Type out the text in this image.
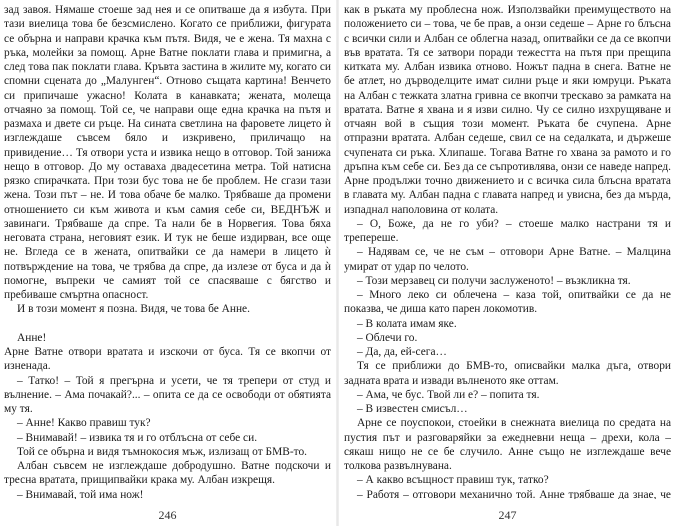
зад завоя. Нямаше стоеше зад нея и се опитваше да я избута. При тази виелица това бе безсмислено. Когато се приближи, фигурата се обърна и направи крачка към пътя. Видя, че е жена. Тя махна с ръка, молейки за помощ. Арне Ватне поклати глава и примигна, а след това пак поклати глава. Кръвта застина в жилите му, когато си спомни сцената до „Малунген“. Отново същата картина! Венчето си припичаше ужасно! Колата в канавката; жената, молеща отчаяно за помощ. Той се, че направи още една крачка на пътя и размаха и двете си ръце. На сината светлина на фаровете лицето ѝ изглеждаше съвсем бяло и изкривено, приличащо на привидение… Тя отвори уста и извика нещо в отговор. Той занижа нещо в отговор. До му оставаха двадесетина метра. Той натисна рязко спирачката. При този бус това не бе проблем. Не сгази тази жена. Този път – не. И това обаче бе малко. Трябваше да промени отношението си към живота и към самия себе си, ВЕДНЪЖ и завинаги. Трябваше да спре. Та нали бе в Норвегия. Това бяха неговата страна, неговият език. И тук не беше издирван, все още не. Вгледа се в жената, опитвайки се да намери в лицето ѝ потвърждение на това, че трябва да спре, да излезе от буса и да ѝ помогне, въпреки че самият той се спасяваше с бягство и пребиваше смъртна опасност.

И в този момент я позна. Видя, че това бе Анне.

Анне!

Арне Ватне отвори вратата и изскочи от буса. Тя се вкопчи от изненада.

– Татко! – Той я прегърна и усети, че тя трепери от студ и вълнение. – Ама почакай?... – опита се да се освободи от обятията му тя.

– Анне! Какво правиш тук?

– Внимавай! – извика тя и го отблъсна от себе си.

Той се обърна и видя тъмнокосия мъж, излизащ от БМВ-то.

Албан съвсем не изглеждаше добродушно. Ватне подскочи и тресна вратата, прищипвайки крака му. Албан изкрещя.

– Внимавай, той има нож!

246

как в ръката му проблесна нож. Използвайки преимуществото на положението си – това, че бе прав, а онзи седеше – Арне го блъсна с всички сили и Албан се облегна назад, опитвайки се да се вкопчи във вратата. Тя се затвори поради тежестта на пътя при прещипа китката му. Албан извика отново. Ножът падна в снега. Ватне не бе атлет, но дърводелците имат силни ръце и яки юмруци. Ръката на Албан с тежката златна гривна се вкопчи трескаво за рамката на вратата. Ватне я хвана и я изви силно. Чу се силно изхрущяване и отчаян вой в същия този момент. Ръката бе счупена. Арне отпразни вратата. Албан седеше, свил се на седалката, и държеше счупената си ръка. Хлипаше. Тогава Ватне го хвана за рамото и го дръпна към себе си. Без да се съпротивлява, онзи се наведе напред. Арне продължи точно движението и с всичка сила блъсна вратата в главата му. Албан падна с главата напред и увисна, без да мърда, изпаднал наполовина от колата.

– О, Боже, да не го уби? – стоеше малко настрани тя и трепереше.

– Надявам се, че не съм – отговори Арне Ватне. – Малцина умират от удар по челото.

– Този мерзавец си получи заслуженото! – възкликна тя.

– Много леко си облечена – каза той, опитвайки се да не показва, че диша като парен локомотив.

– В колата имам яке.

– Облечи го.

– Да, да, ей-сега…

Тя се приближи до БМВ-то, описвайки малка дъга, отвори задната врата и извади вълненото яке оттам.

– Ама, че бус. Твой ли е? – попита тя.

– В известен смисъл…

Арне се поуспокои, стоейки в снежната виелица по средата на пустия път и разговаряйки за ежедневни неща – дрехи, кола – сякаш нищо не се бе случило. Анне също не изглеждаше вече толкова развълнувана.

– А какво всъщност правиш тук, татко?

– Работя – отговори механично той. Анне трябваше да знае, че

247
